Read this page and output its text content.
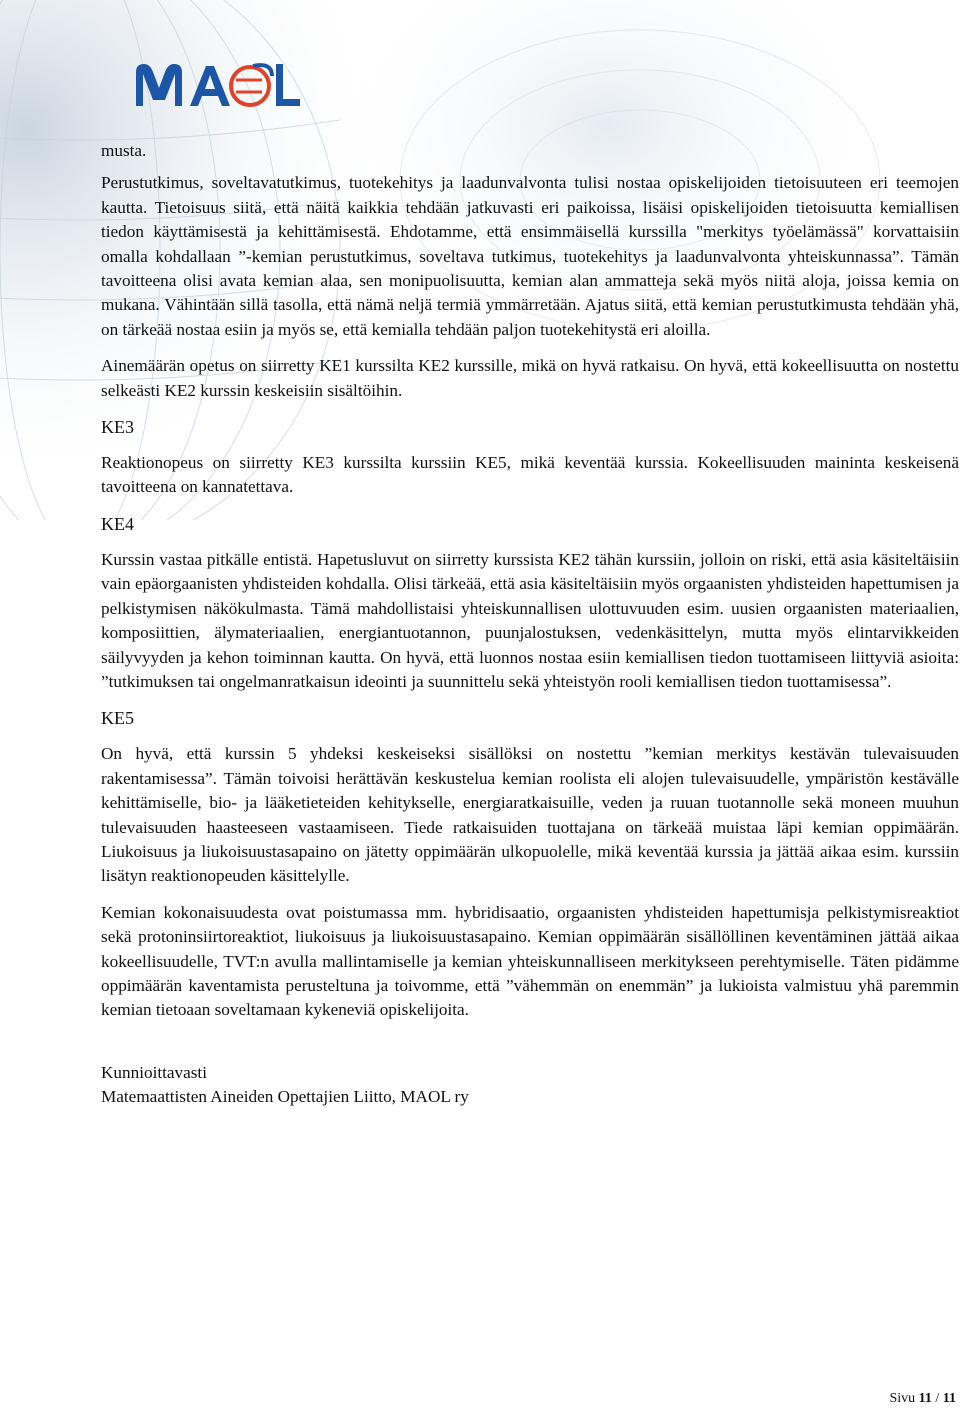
musta.

Perustutkimus, soveltavatutkimus, tuotekehitys ja laadunvalvonta tulisi nostaa opiskelijoiden tietoisuuteen eri teemojen kautta. Tietoisuus siitä, että näitä kaikkia tehdään jatkuvasti eri paikoissa, lisäisi opiskelijoiden tietoisuutta kemiallisen tiedon käyttämisestä ja kehittämisestä. Ehdotamme, että ensimmäisellä kurssilla "merkitys työelämässä" korvattaisiin omalla kohdallaan ”-kemian perustutkimus, soveltava tutkimus, tuotekehitys ja laadunvalvonta yhteiskunnassa”. Tämän tavoitteena olisi avata kemian alaa, sen monipuolisuutta, kemian alan ammatteja sekä myös niitä aloja, joissa kemia on mukana. Vähintään sillä tasolla, että nämä neljä termiä ymmärretään. Ajatus siitä, että kemian perustutkimusta tehdään yhä, on tärkeää nostaa esiin ja myös se, että kemialla tehdään paljon tuotekehitystä eri aloilla.

Ainemäärän opetus on siirretty KE1 kurssilta KE2 kurssille, mikä on hyvä ratkaisu. On hyvä, että kokeellisuutta on nostettu selkeästi KE2 kurssin keskeisiin sisältöihin.

KE3

Reaktionopeus on siirretty KE3 kurssilta kurssiin KE5, mikä keventää kurssia. Kokeellisuuden maininta keskeisenä tavoitteena on kannatettava.

KE4

Kurssin vastaa pitkälle entistä. Hapetusluvut on siirretty kurssista KE2 tähän kurssiin, jolloin on riski, että asia käsiteltäisiin vain epäorgaanisten yhdisteiden kohdalla. Olisi tärkeää, että asia käsiteltäisiin myös orgaanisten yhdisteiden hapettumisen ja pelkistymisen näkökulmasta. Tämä mahdollistaisi yhteiskunnallisen ulottuvuuden esim. uusien orgaanisten materiaalien, komposiittien, älymateriaalien, energiantuotannon, puunjalostuksen, vedenkäsittelyn, mutta myös elintarvikkeiden säilyvyyden ja kehon toiminnan kautta. On hyvä, että luonnos nostaa esiin kemiallisen tiedon tuottamiseen liittyviä asioita: ”tutkimuksen tai ongelmanratkaisun ideointi ja suunnittelu sekä yhteistyön rooli kemiallisen tiedon tuottamisessa”.

KE5

On hyvä, että kurssin 5 yhdeksi keskeiseksi sisällöksi on nostettu ”kemian merkitys kestävän tulevaisuuden rakentamisessa”. Tämän toivoisi herättävän keskustelua kemian roolista eli alojen tulevaisuudelle, ympäristön kestävälle kehittämiselle, bio- ja lääketieteiden kehitykselle, energiaratkaisuille, veden ja ruuan tuotannolle sekä moneen muuhun tulevaisuuden haasteeseen vastaamiseen. Tiede ratkaisuiden tuottajana on tärkeää muistaa läpi kemian oppimäärän. Liukoisuus ja liukoisuustasapaino on jätetty oppimäärän ulkopuolelle, mikä keventää kurssia ja jättää aikaa esim. kurssiin lisätyn reaktionopeuden käsittelylle.

Kemian kokonaisuudesta ovat poistumassa mm. hybridisaatio, orgaanisten yhdisteiden hapettumisja pelkistymisreaktiot sekä protoninsiirtoreaktiot, liukoisuus ja liukoisuustasapaino. Kemian oppimäärän sisällöllinen keventäminen jättää aikaa kokeellisuudelle, TVT:n avulla mallintamiselle ja kemian yhteiskunnalliseen merkitykseen perehtymiselle. Täten pidämme oppimäärän kaventamista perusteltuna ja toivomme, että ”vähemmän on enemmän” ja lukioista valmistuu yhä paremmin kemian tietoaan soveltamaan kykeneviä opiskelijoita.

Kunnioittavasti
Matemaattisten Aineiden Opettajien Liitto, MAOL ry
Sivu 11 / 11
